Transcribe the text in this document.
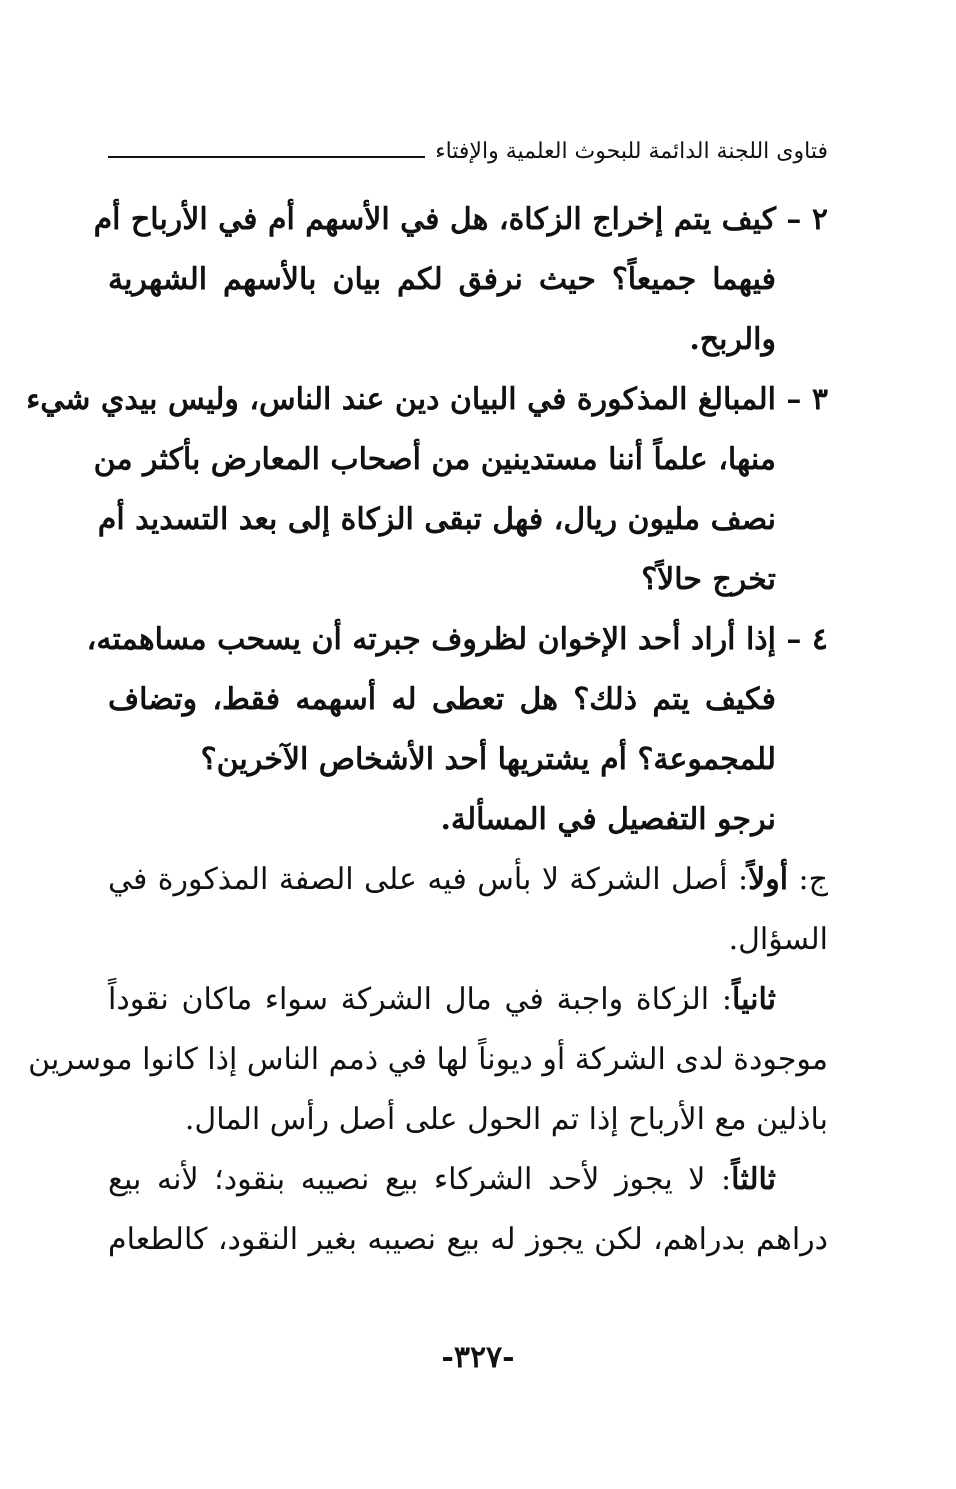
فتاوى اللجنة الدائمة للبحوث العلمية والإفتاء
٢ – كيف يتم إخراج الزكاة، هل في الأسهم أم في الأرباح أم
فيهما جميعاً؟ حيث نرفق لكم بيان بالأسهم الشهرية
والربح.
٣ – المبالغ المذكورة في البيان دين عند الناس، وليس بيدي شيء
منها، علماً أننا مستدينين من أصحاب المعارض بأكثر من
نصف مليون ريال، فهل تبقى الزكاة إلى بعد التسديد أم
تخرج حالاً؟
٤ – إذا أراد أحد الإخوان لظروف جبرته أن يسحب مساهمته،
فكيف يتم ذلك؟ هل تعطى له أسهمه فقط، وتضاف
للمجموعة؟ أم يشتريها أحد الأشخاص الآخرين؟
نرجو التفصيل في المسألة.
ج: أولاً: أصل الشركة لا بأس فيه على الصفة المذكورة في
السؤال.
ثانياً: الزكاة واجبة في مال الشركة سواء ماكان نقوداً
موجودة لدى الشركة أو ديوناً لها في ذمم الناس إذا كانوا موسرين
باذلين مع الأرباح إذا تم الحول على أصل رأس المال.
ثالثاً: لا يجوز لأحد الشركاء بيع نصيبه بنقود؛ لأنه بيع
دراهم بدراهم، لكن يجوز له بيع نصيبه بغير النقود، كالطعام
-٣٢٧-
